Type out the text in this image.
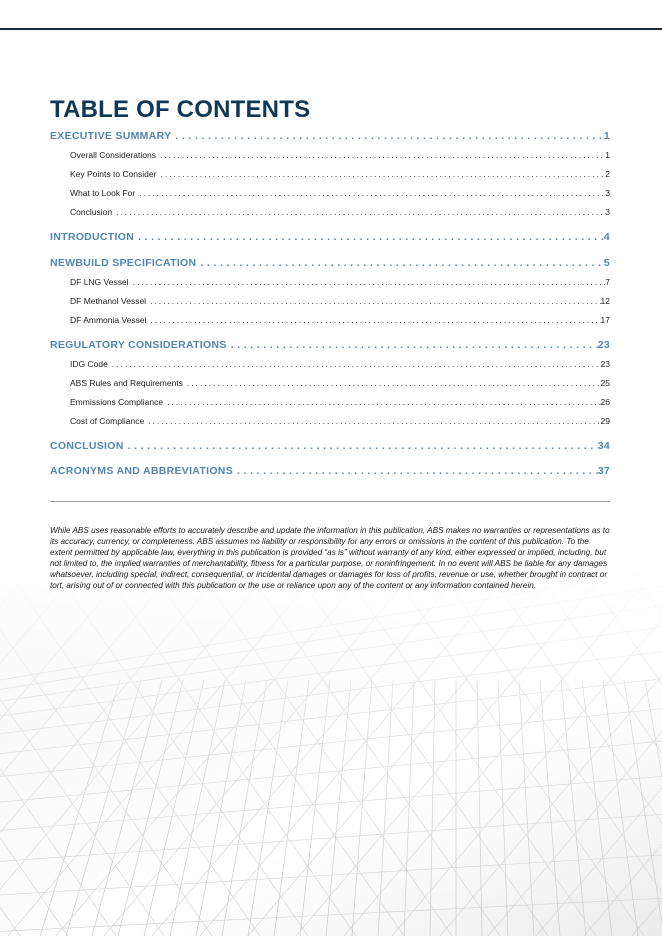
TABLE OF CONTENTS
EXECUTIVE SUMMARY .....	1
Overall Considerations .....	1
Key Points to Consider .....	2
What to Look For .....	3
Conclusion .....	3
INTRODUCTION .....	4
NEWBUILD SPECIFICATION .....	5
DF LNG Vessel .....	7
DF Methanol Vessel .....	12
DF Ammonia Vessel .....	17
REGULATORY CONSIDERATIONS .....	23
IDG Code .....	23
ABS Rules and Requirements .....	25
Emmissions Compliance .....	26
Cost of Compliance .....	29
CONCLUSION .....	34
ACRONYMS AND ABBREVIATIONS .....	37

While ABS uses reasonable efforts to accurately describe and update the information in this publication, ABS makes no warranties or representations as to its accuracy, currency, or completeness. ABS assumes no liability or responsibility for any errors or omissions in the content of this publication. To the extent permitted by applicable law, everything in this publication is provided “as is” without warranty of any kind, either expressed or implied, including, but not limited to, the implied warranties of merchantability, fitness for a particular purpose, or noninfringement. In no event will ABS be liable for any damages whatsoever, including special, indirect, consequential, or incidental damages or damages for loss of profits, revenue or use, whether brought in contract or tort, arising out of or connected with this publication or the use or reliance upon any of the content or any information contained herein.
